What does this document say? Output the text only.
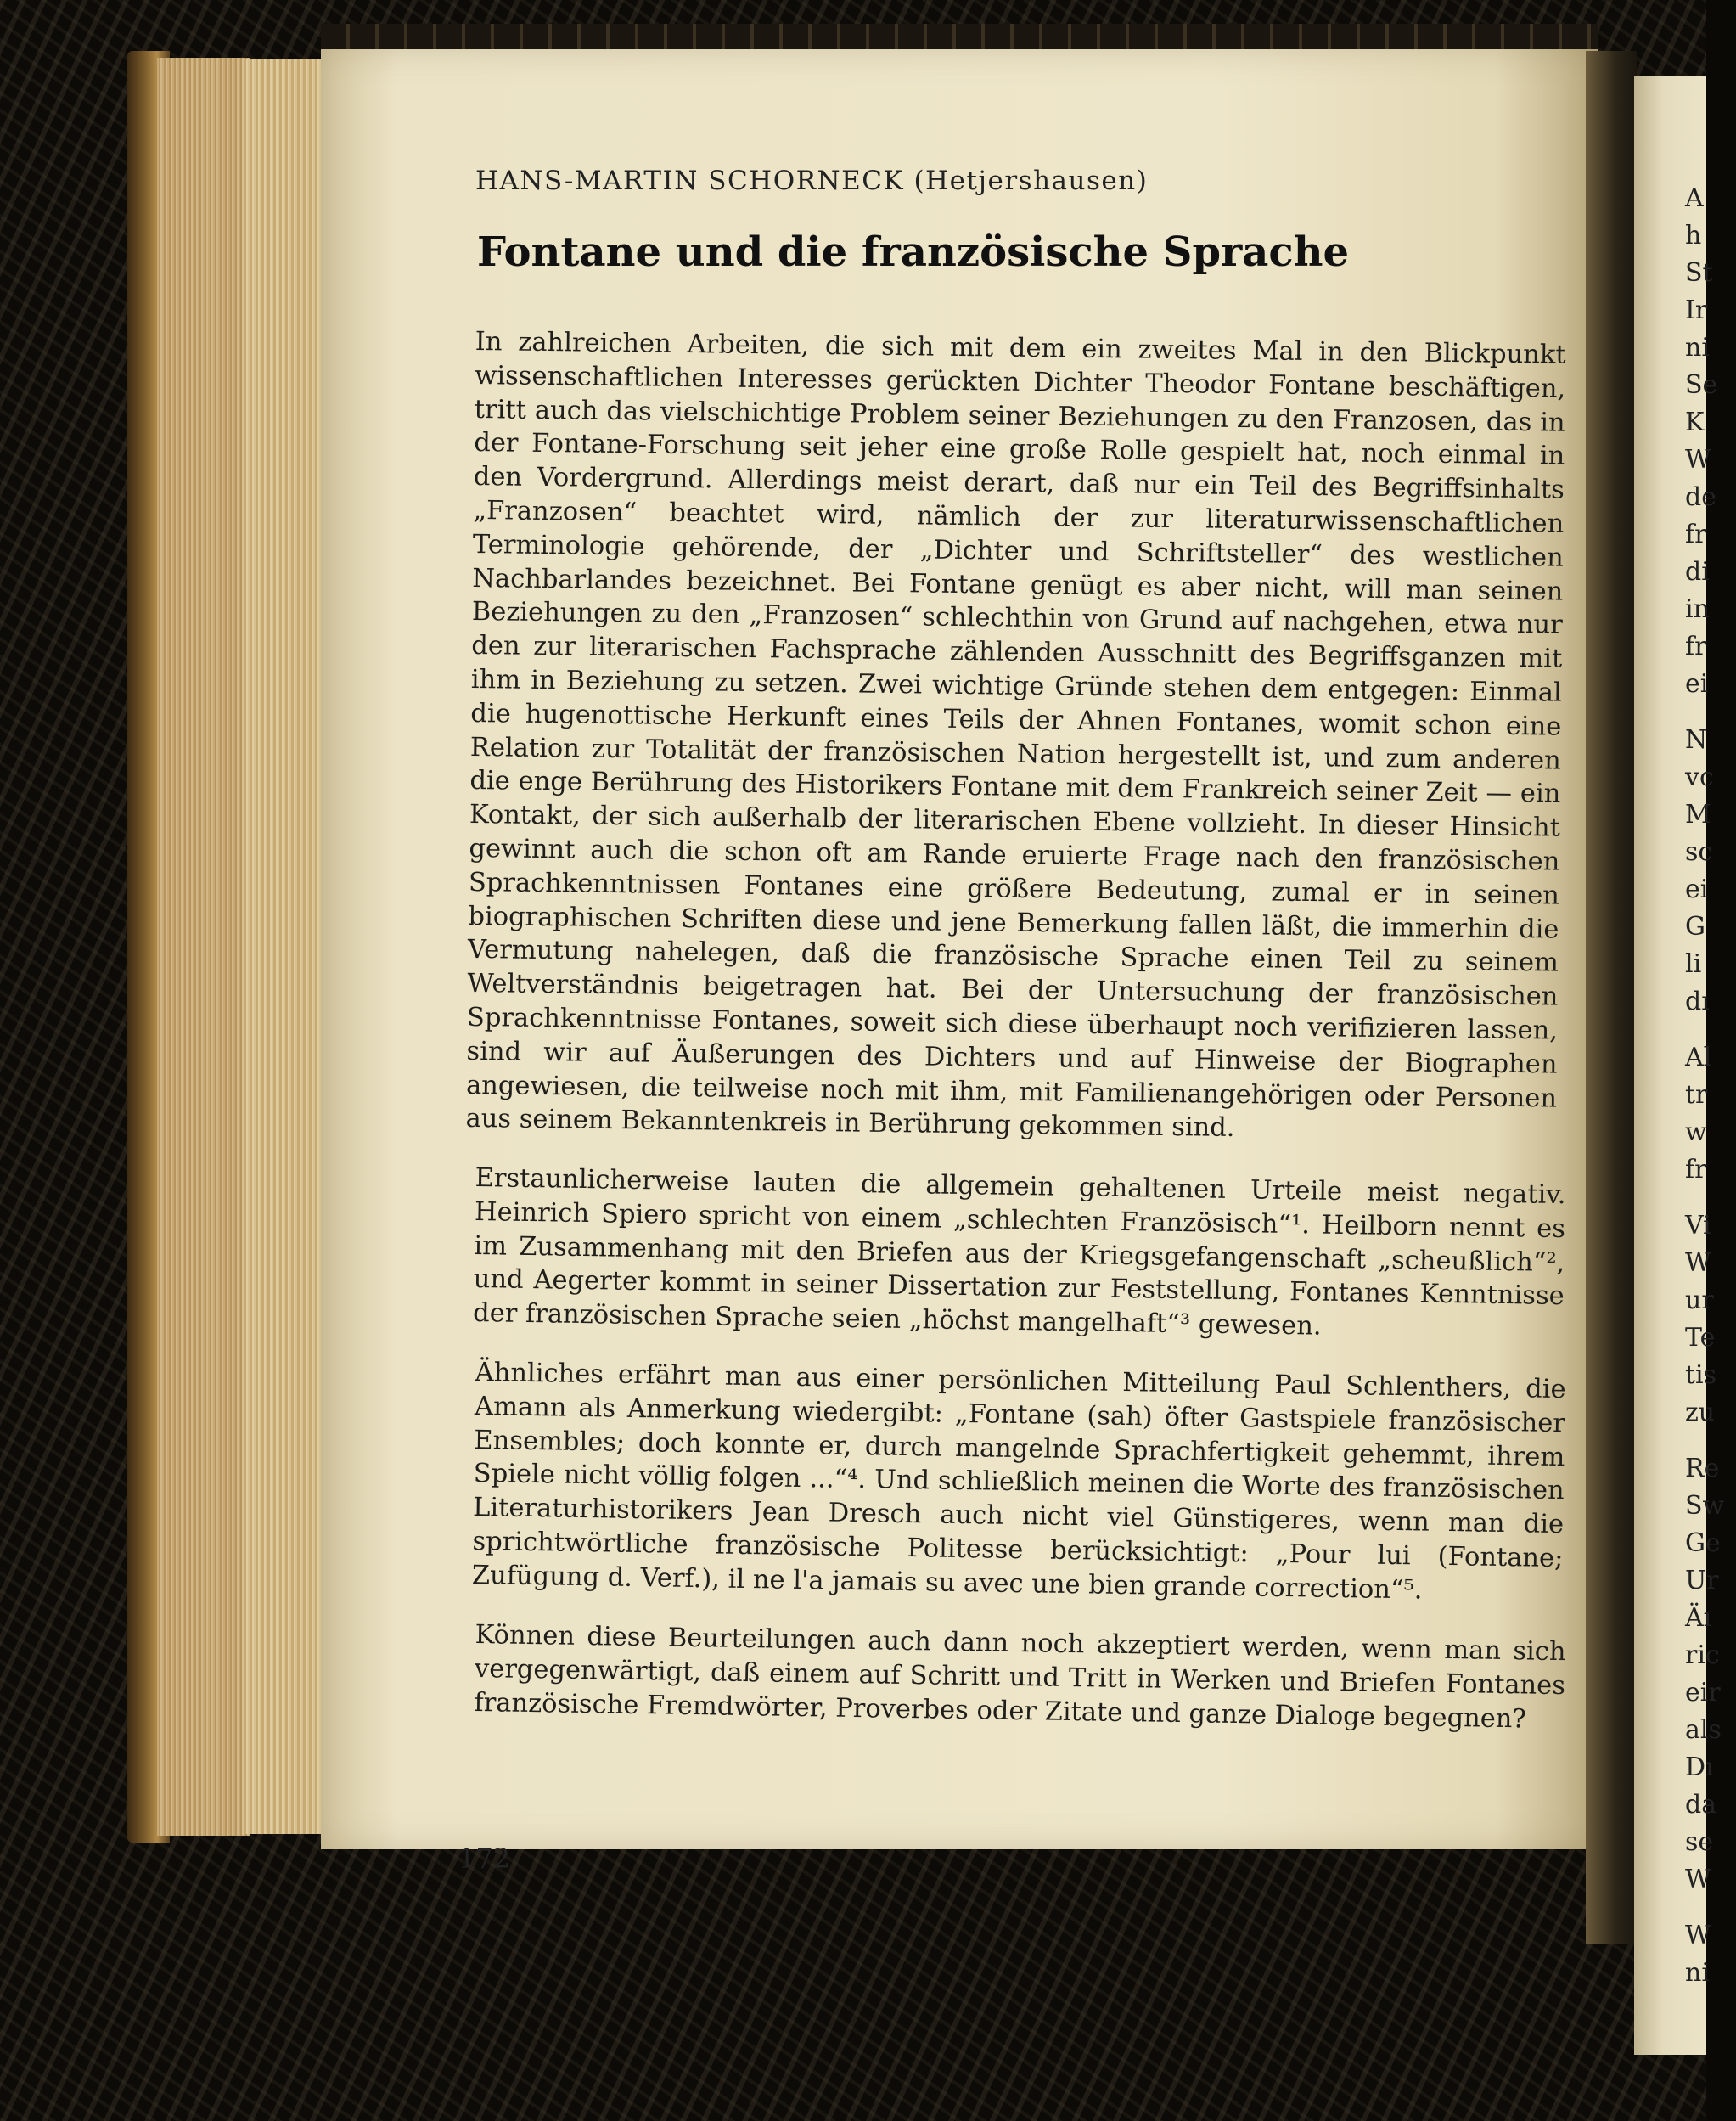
A
h
St
Ir
ni
Se
K
W
de
fr
di
in
fr
ei
N
vc
M
sc
ei
G
li
dı
Al
tr
w
fr
Vi
W
ur
Te
tis
zu
Re
Sw
Ge
Ur
Äı
ric
eir
als
Dı
da
se
W
W
ni
HANS-MARTIN SCHORNECK (Hetjershausen)
Fontane und die französische Sprache

In zahlreichen Arbeiten, die sich mit dem ein zweites Mal in den Blickpunkt wissenschaftlichen Interesses gerückten Dichter Theodor Fontane beschäftigen, tritt auch das vielschichtige Problem seiner Beziehungen zu den Franzosen, das in der Fontane-Forschung seit jeher eine große Rolle gespielt hat, noch einmal in den Vordergrund. Allerdings meist derart, daß nur ein Teil des Begriffsinhalts „Franzosen“ beachtet wird, nämlich der zur literaturwissenschaftlichen Terminologie gehörende, der „Dichter und Schriftsteller“ des westlichen Nachbarlandes bezeichnet. Bei Fontane genügt es aber nicht, will man seinen Beziehungen zu den „Franzosen“ schlechthin von Grund auf nachgehen, etwa nur den zur literarischen Fachsprache zählenden Ausschnitt des Begriffsganzen mit ihm in Beziehung zu setzen. Zwei wichtige Gründe stehen dem entgegen: Einmal die hugenottische Herkunft eines Teils der Ahnen Fontanes, womit schon eine Relation zur Totalität der französischen Nation hergestellt ist, und zum anderen die enge Berührung des Historikers Fontane mit dem Frankreich seiner Zeit — ein Kontakt, der sich außerhalb der literarischen Ebene vollzieht. In dieser Hinsicht gewinnt auch die schon oft am Rande eruierte Frage nach den französischen Sprachkenntnissen Fontanes eine größere Bedeutung, zumal er in seinen biographischen Schriften diese und jene Bemerkung fallen läßt, die immerhin die Vermutung nahelegen, daß die französische Sprache einen Teil zu seinem Weltverständnis beigetragen hat. Bei der Untersuchung der französischen Sprachkenntnisse Fontanes, soweit sich diese überhaupt noch verifizieren lassen, sind wir auf Äußerungen des Dichters und auf Hinweise der Biographen angewiesen, die teilweise noch mit ihm, mit Familienangehörigen oder Personen aus seinem Bekanntenkreis in Berührung gekommen sind.

Erstaunlicherweise lauten die allgemein gehaltenen Urteile meist negativ. Heinrich Spiero spricht von einem „schlechten Französisch“¹. Heilborn nennt es im Zusammenhang mit den Briefen aus der Kriegsgefangenschaft „scheußlich“², und Aegerter kommt in seiner Dissertation zur Feststellung, Fontanes Kenntnisse der französischen Sprache seien „höchst mangelhaft“³ gewesen.

Ähnliches erfährt man aus einer persönlichen Mitteilung Paul Schlenthers, die Amann als Anmerkung wiedergibt: „Fontane (sah) öfter Gastspiele französischer Ensembles; doch konnte er, durch mangelnde Sprachfertigkeit gehemmt, ihrem Spiele nicht völlig folgen ...“⁴. Und schließlich meinen die Worte des französischen Literaturhistorikers Jean Dresch auch nicht viel Günstigeres, wenn man die sprichtwörtliche französische Politesse berücksichtigt: „Pour lui (Fontane; Zufügung d. Verf.), il ne l'a jamais su avec une bien grande correction“⁵.

Können diese Beurteilungen auch dann noch akzeptiert werden, wenn man sich vergegenwärtigt, daß einem auf Schritt und Tritt in Werken und Briefen Fontanes französische Fremdwörter, Proverbes oder Zitate und ganze Dialoge begegnen?

172
